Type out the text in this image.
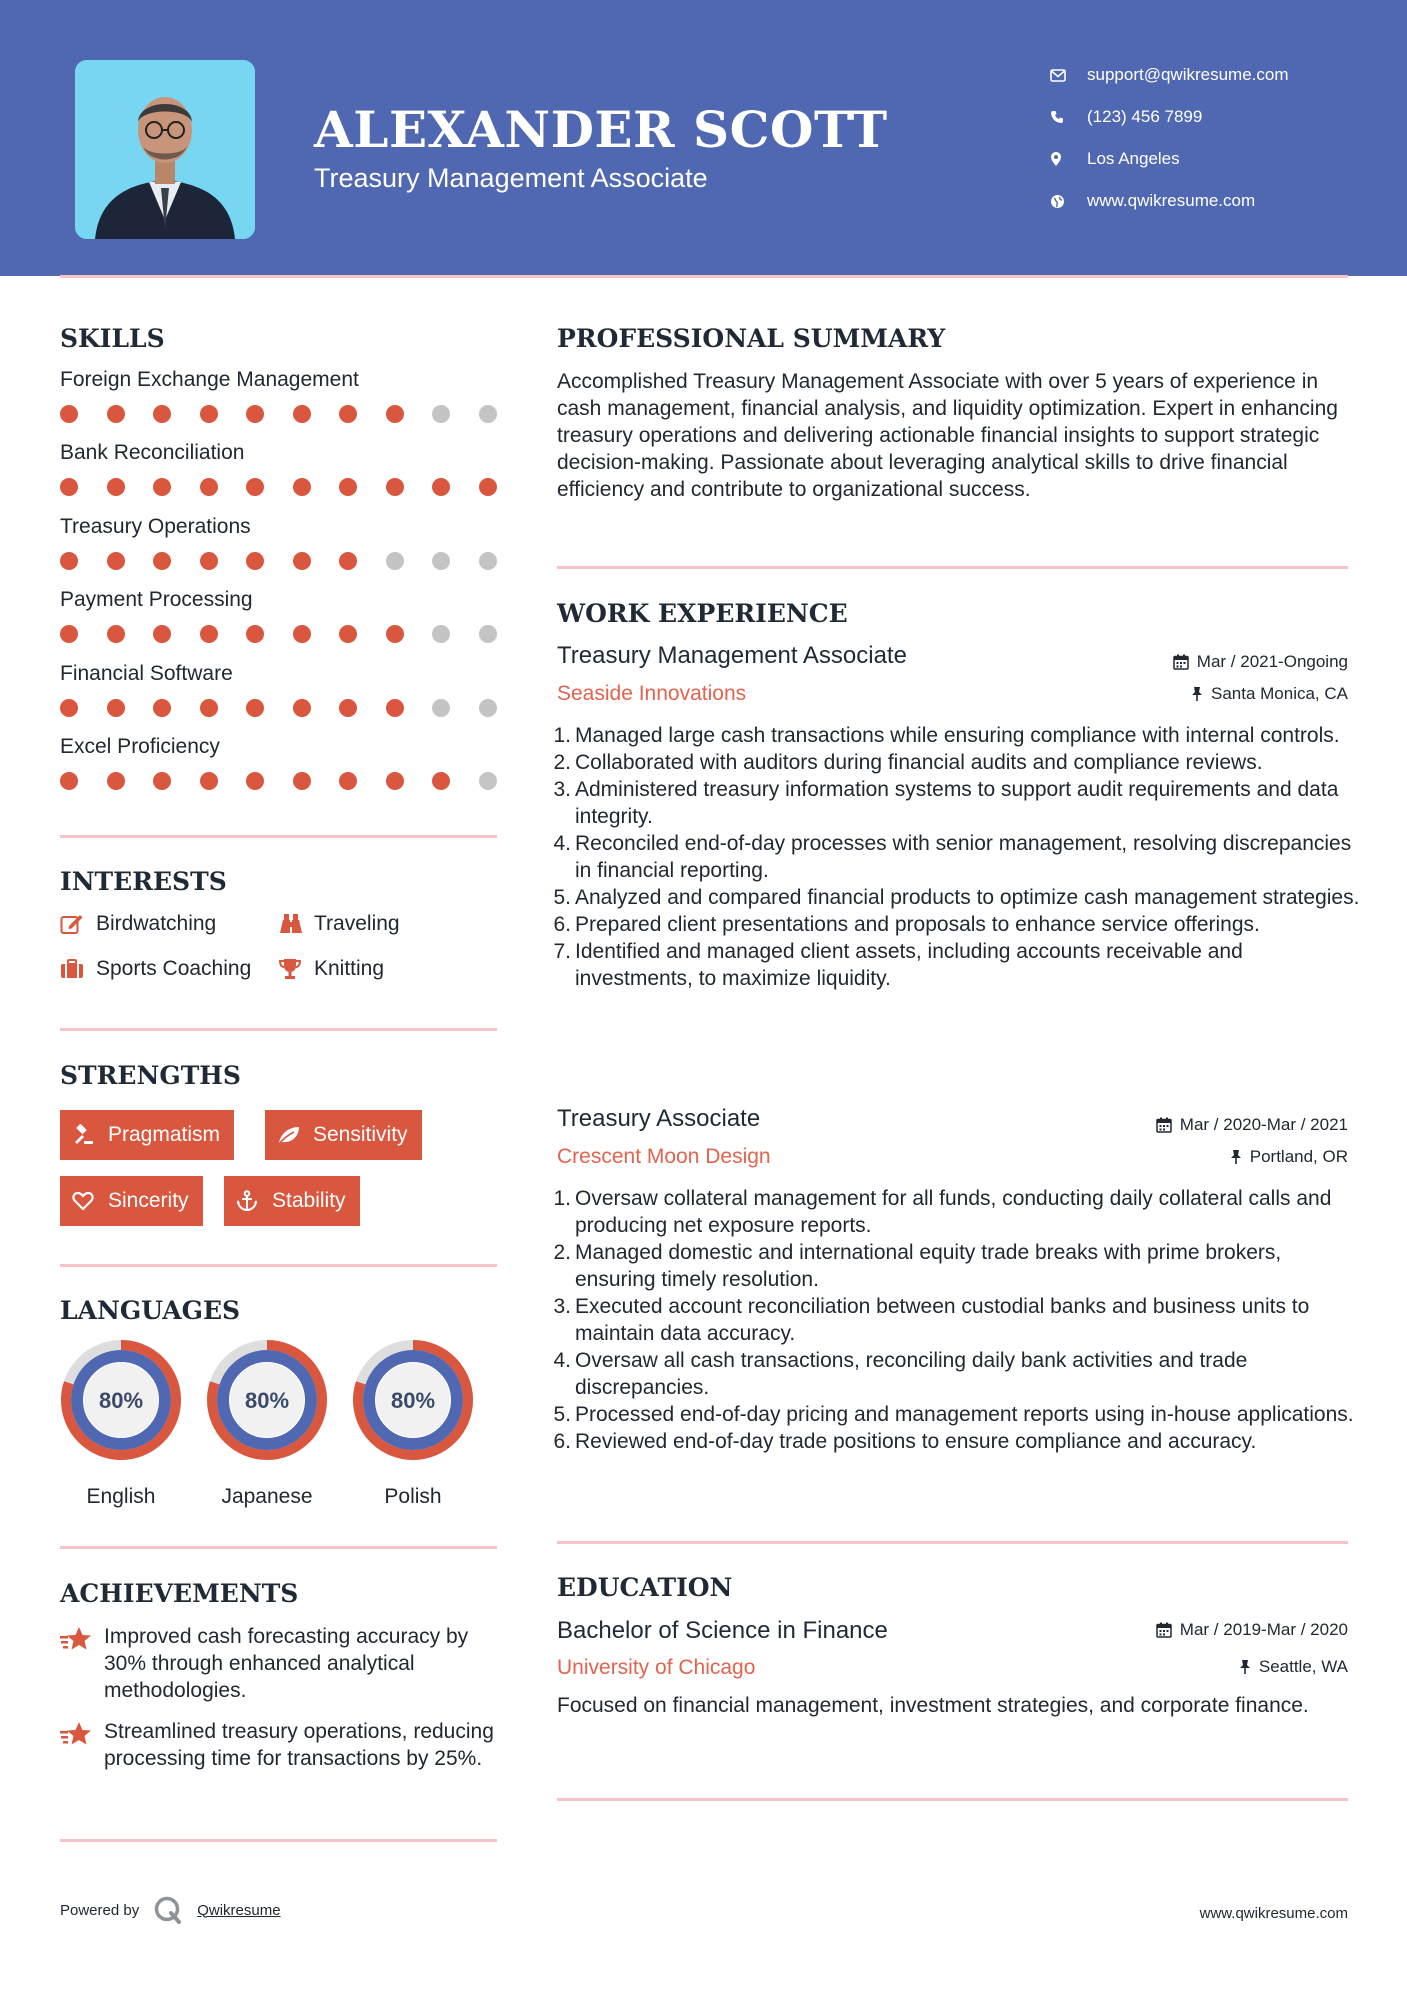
ALEXANDER SCOTT
Treasury Management Associate
support@qwikresume.com
(123) 456 7899
Los Angeles
www.qwikresume.com
SKILLS
Foreign Exchange Management
Bank Reconciliation
Treasury Operations
Payment Processing
Financial Software
Excel Proficiency
INTERESTS
Birdwatching	Traveling
Sports Coaching	Knitting
STRENGTHS
Pragmatism	Sensitivity
Sincerity	Stability
LANGUAGES
80%
English
80%
Japanese
80%
Polish
ACHIEVEMENTS
Improved cash forecasting accuracy by 30% through enhanced analytical methodologies.
Streamlined treasury operations, reducing processing time for transactions by 25%.
PROFESSIONAL SUMMARY
Accomplished Treasury Management Associate with over 5 years of experience in cash management, financial analysis, and liquidity optimization. Expert in enhancing treasury operations and delivering actionable financial insights to support strategic decision-making. Passionate about leveraging analytical skills to drive financial efficiency and contribute to organizational success.
WORK EXPERIENCE
Treasury Management Associate	Mar / 2021-Ongoing
Seaside Innovations	Santa Monica, CA
1. Managed large cash transactions while ensuring compliance with internal controls.
2. Collaborated with auditors during financial audits and compliance reviews.
3. Administered treasury information systems to support audit requirements and data integrity.
4. Reconciled end-of-day processes with senior management, resolving discrepancies in financial reporting.
5. Analyzed and compared financial products to optimize cash management strategies.
6. Prepared client presentations and proposals to enhance service offerings.
7. Identified and managed client assets, including accounts receivable and investments, to maximize liquidity.
Treasury Associate	Mar / 2020-Mar / 2021
Crescent Moon Design	Portland, OR
1. Oversaw collateral management for all funds, conducting daily collateral calls and producing net exposure reports.
2. Managed domestic and international equity trade breaks with prime brokers, ensuring timely resolution.
3. Executed account reconciliation between custodial banks and business units to maintain data accuracy.
4. Oversaw all cash transactions, reconciling daily bank activities and trade discrepancies.
5. Processed end-of-day pricing and management reports using in-house applications.
6. Reviewed end-of-day trade positions to ensure compliance and accuracy.
EDUCATION
Bachelor of Science in Finance	Mar / 2019-Mar / 2020
University of Chicago	Seattle, WA
Focused on financial management, investment strategies, and corporate finance.
Powered by	Qwikresume	www.qwikresume.com
